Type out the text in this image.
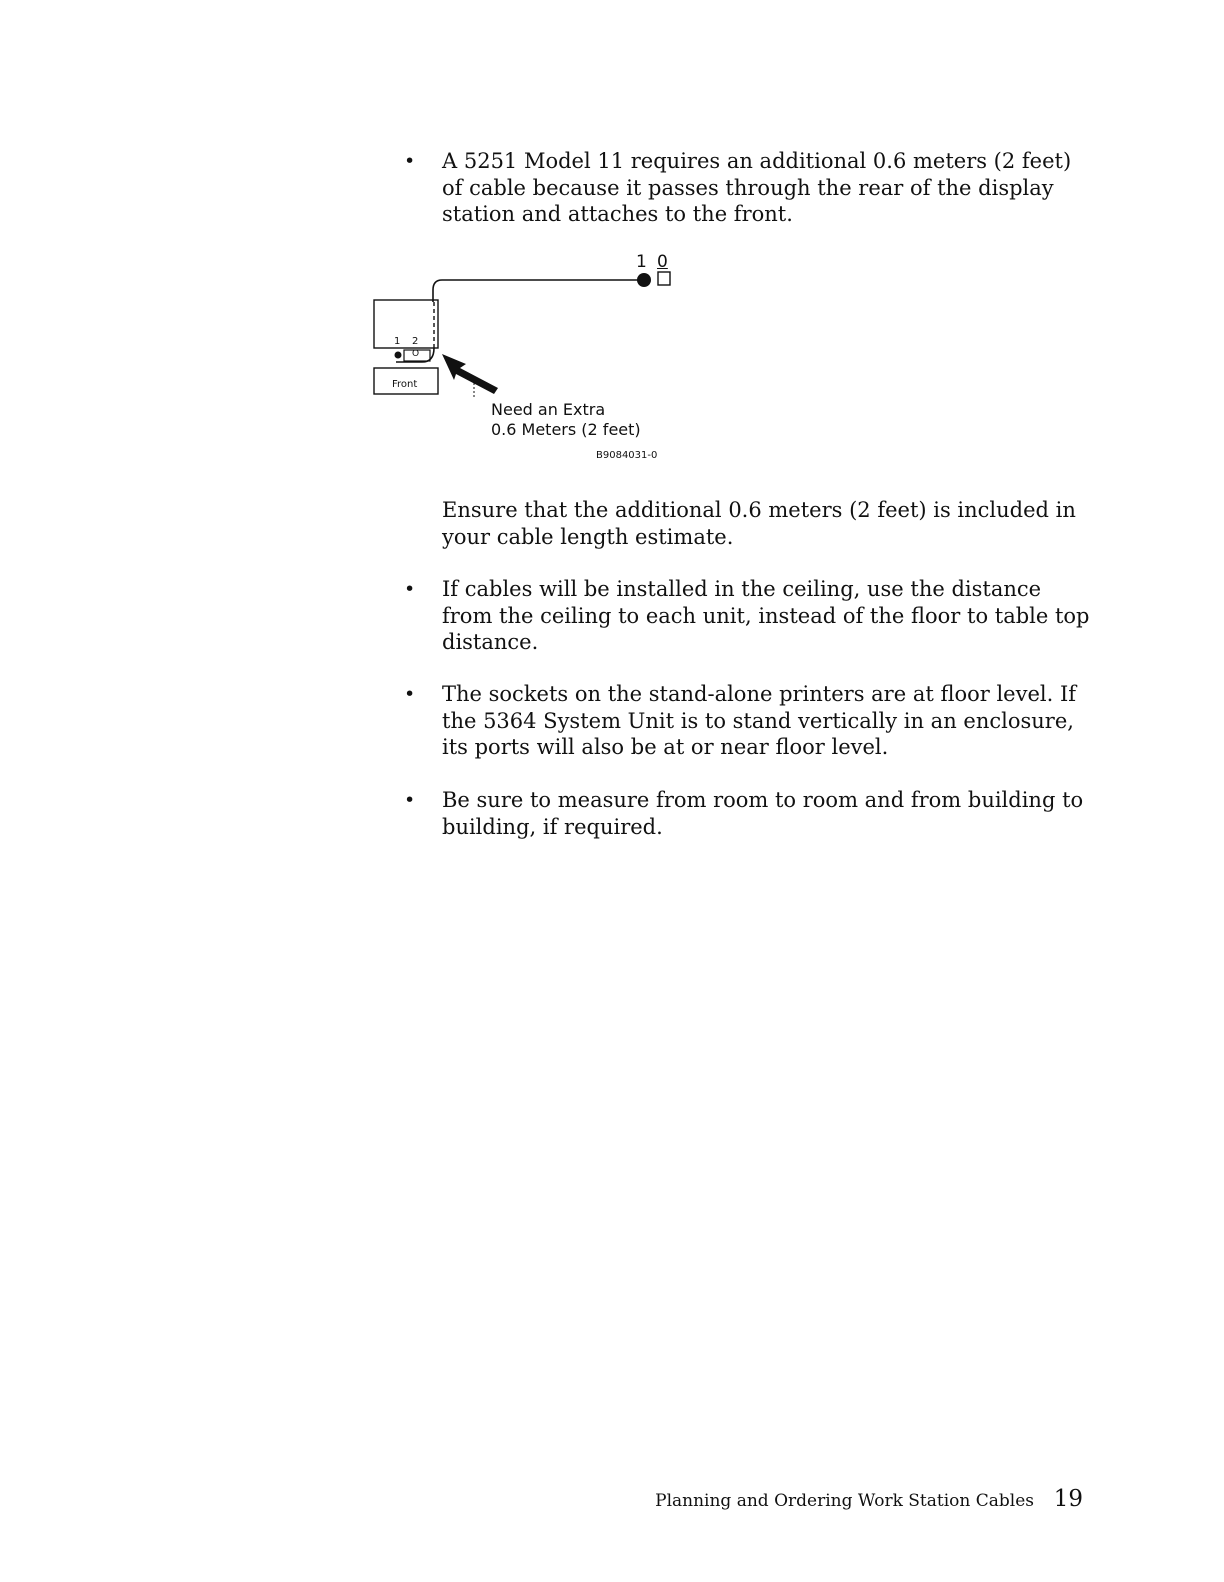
• A 5251 Model 11 requires an additional 0.6 meters (2 feet) of cable because it passes through the rear of the display station and attaches to the front.
1 0
1 2
O
Front
Need an Extra
0.6 Meters (2 feet)
B9084031-0
Ensure that the additional 0.6 meters (2 feet) is included in your cable length estimate.
• If cables will be installed in the ceiling, use the distance from the ceiling to each unit, instead of the floor to table top distance.
• The sockets on the stand-alone printers are at floor level. If the 5364 System Unit is to stand vertically in an enclosure, its ports will also be at or near floor level.
• Be sure to measure from room to room and from building to building, if required.
Planning and Ordering Work Station Cables 19
